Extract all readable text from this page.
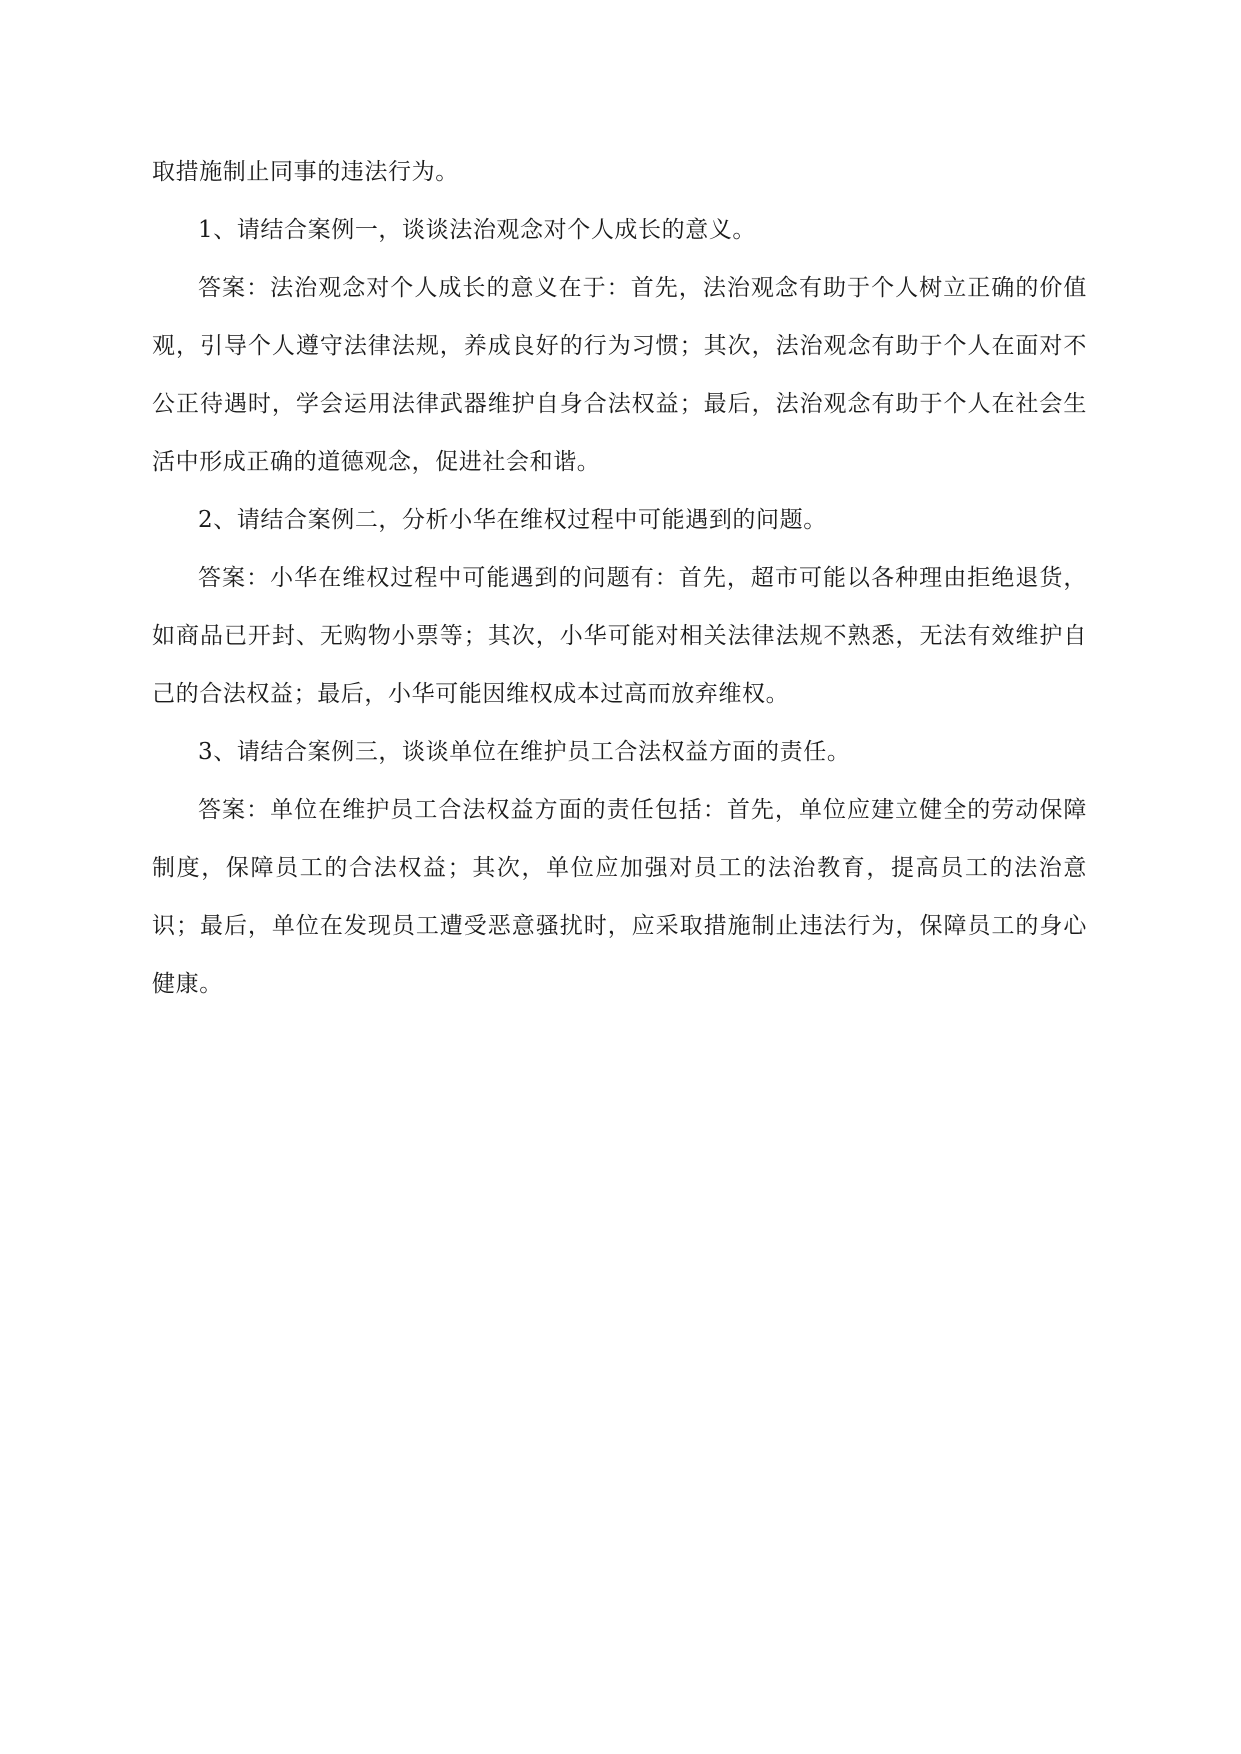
取措施制止同事的违法行为。

1、请结合案例一，谈谈法治观念对个人成长的意义。

答案：法治观念对个人成长的意义在于：首先，法治观念有助于个人树立正确的价值观，引导个人遵守法律法规，养成良好的行为习惯；其次，法治观念有助于个人在面对不公正待遇时，学会运用法律武器维护自身合法权益；最后，法治观念有助于个人在社会生活中形成正确的道德观念，促进社会和谐。

2、请结合案例二，分析小华在维权过程中可能遇到的问题。

答案：小华在维权过程中可能遇到的问题有：首先，超市可能以各种理由拒绝退货，如商品已开封、无购物小票等；其次，小华可能对相关法律法规不熟悉，无法有效维护自己的合法权益；最后，小华可能因维权成本过高而放弃维权。

3、请结合案例三，谈谈单位在维护员工合法权益方面的责任。

答案：单位在维护员工合法权益方面的责任包括：首先，单位应建立健全的劳动保障制度，保障员工的合法权益；其次，单位应加强对员工的法治教育，提高员工的法治意识；最后，单位在发现员工遭受恶意骚扰时，应采取措施制止违法行为，保障员工的身心健康。
